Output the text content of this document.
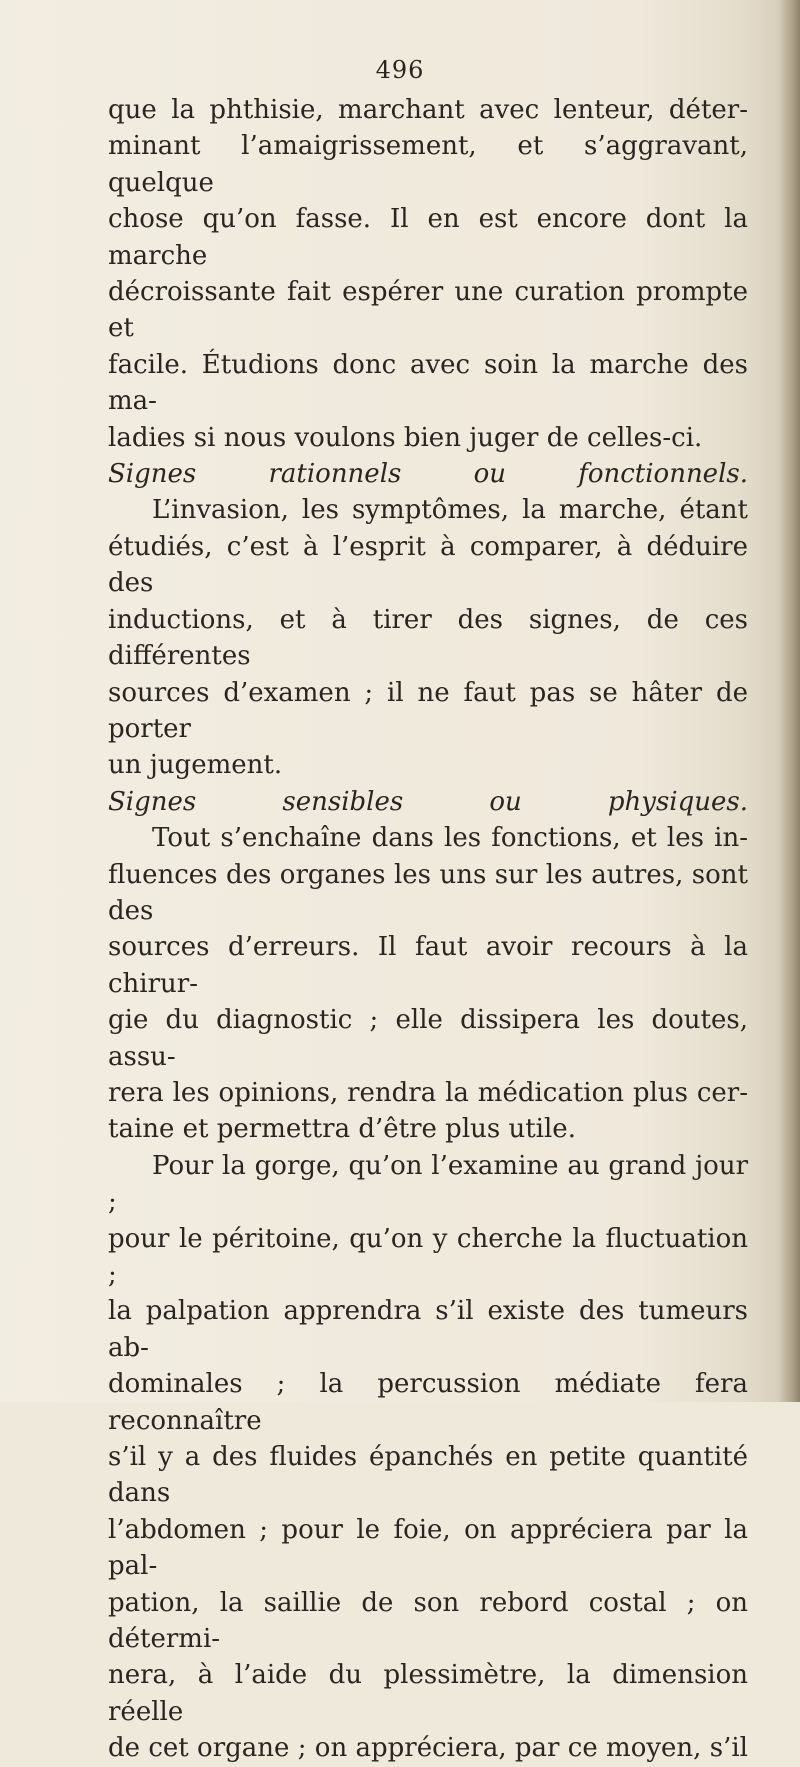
496

que la phthisie, marchant avec lenteur, déter-

minant l’amaigrissement, et s’aggravant, quelque

chose qu’on fasse. Il en est encore dont la marche

décroissante fait espérer une curation prompte et

facile. Étudions donc avec soin la marche des ma-

ladies si nous voulons bien juger de celles-ci.

Signes rationnels ou fonctionnels.

L’invasion, les symptômes, la marche, étant

étudiés, c’est à l’esprit à comparer, à déduire des

inductions, et à tirer des signes, de ces différentes

sources d’examen ; il ne faut pas se hâter de porter

un jugement.

Signes sensibles ou physiques.

Tout s’enchaîne dans les fonctions, et les in-

fluences des organes les uns sur les autres, sont des

sources d’erreurs. Il faut avoir recours à la chirur-

gie du diagnostic ; elle dissipera les doutes, assu-

rera les opinions, rendra la médication plus cer-

taine et permettra d’être plus utile.

Pour la gorge, qu’on l’examine au grand jour ;

pour le péritoine, qu’on y cherche la fluctuation ;

la palpation apprendra s’il existe des tumeurs ab-

dominales ; la percussion médiate fera reconnaître

s’il y a des fluides épanchés en petite quantité dans

l’abdomen ; pour le foie, on appréciera par la pal-

pation, la saillie de son rebord costal ; on détermi-

nera, à l’aide du plessimètre, la dimension réelle

de cet organe ; on appréciera, par ce moyen, s’il
